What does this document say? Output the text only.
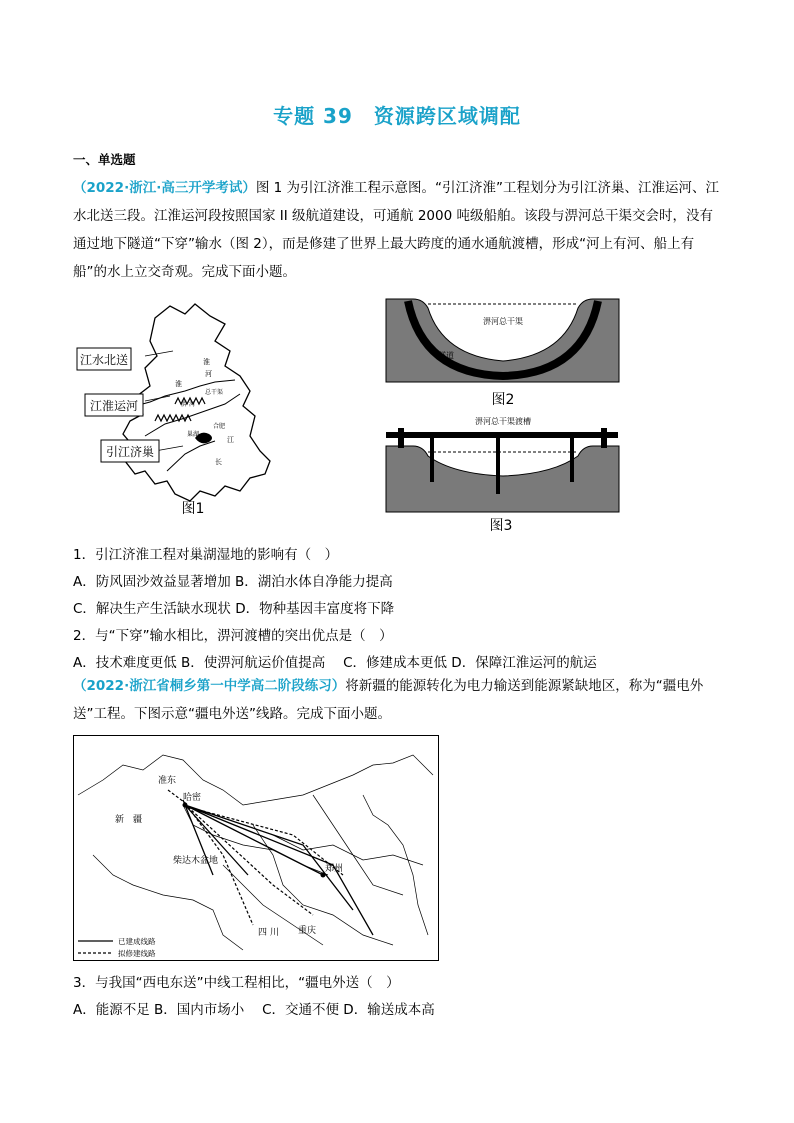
专题 39　资源跨区域调配
一、单选题
（2022·浙江·高三开学考试）图 1 为引江济淮工程示意图。“引江济淮”工程划分为引江济巢、江淮运河、江水北送三段。江淮运河段按照国家 II 级航道建设，可通航 2000 吨级船舶。该段与淠河总干渠交会时，没有通过地下隧道“下穿”输水（图 2），而是修建了世界上最大跨度的通水通航渡槽，形成“河上有河、船上有船”的水上立交奇观。完成下面小题。
淮
河
淮
淠 河
总干渠
巢湖
合肥
江
长
江水北送
江淮运河
引江济巢
图1
淠河总干渠
隧道
图2
淠河总干渠渡槽
图3
1．引江济淮工程对巢湖湿地的影响有（　）
A．防风固沙效益显著增加 B．湖泊水体自净能力提高
C．解决生产生活缺水现状 D．物种基因丰富度将下降
2．与“下穿”输水相比，淠河渡槽的突出优点是（　）
A．技术难度更低 B．使淠河航运价值提高　 C．修建成本更低 D．保障江淮运河的航运
（2022·浙江省桐乡第一中学高二阶段练习）将新疆的能源转化为电力输送到能源紧缺地区，称为“疆电外送”工程。下图示意“疆电外送”线路。完成下面小题。
准东
哈密
新　疆
柴达木盆地
郑州
四 川 重庆
已建成线路
拟修建线路
3．与我国“西电东送”中线工程相比，“疆电外送（　）
A．能源不足 B．国内市场小　 C．交通不便 D．输送成本高
